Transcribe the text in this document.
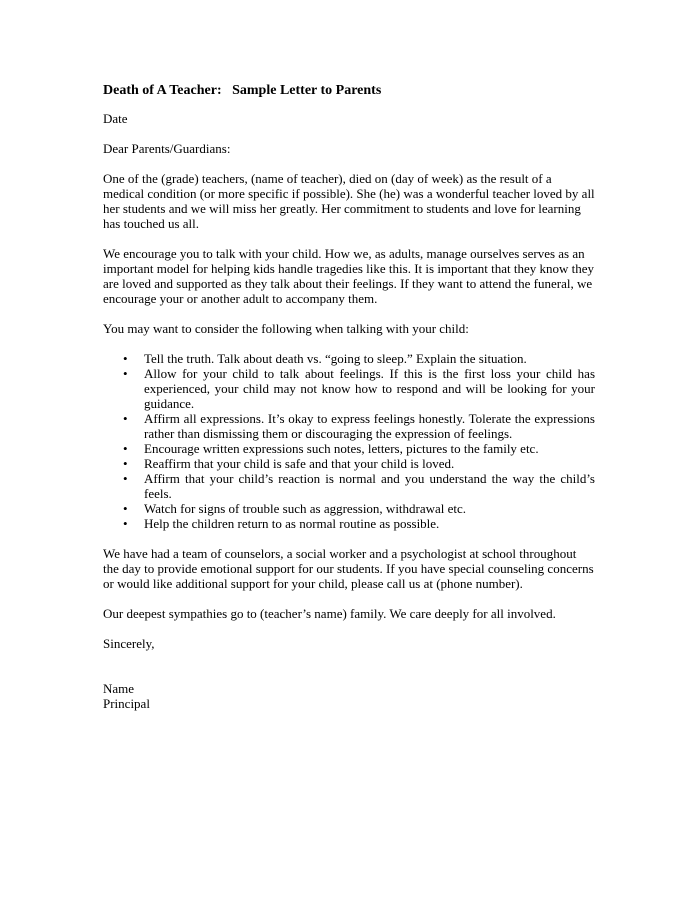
Death of A Teacher:   Sample Letter to Parents

Date

Dear Parents/Guardians:

One of the (grade) teachers, (name of teacher), died on (day of week) as the result of a medical condition (or more specific if possible). She (he) was a wonderful teacher loved by all her students and we will miss her greatly. Her commitment to students and love for learning has touched us all.

We encourage you to talk with your child. How we, as adults, manage ourselves serves as an important model for helping kids handle tragedies like this. It is important that they know they are loved and supported as they talk about their feelings. If they want to attend the funeral, we encourage your or another adult to accompany them.

You may want to consider the following when talking with your child:

• Tell the truth. Talk about death vs. “going to sleep.” Explain the situation.
• Allow for your child to talk about feelings. If this is the first loss your child has experienced, your child may not know how to respond and will be looking for your guidance.
• Affirm all expressions. It’s okay to express feelings honestly. Tolerate the expressions rather than dismissing them or discouraging the expression of feelings.
• Encourage written expressions such notes, letters, pictures to the family etc.
• Reaffirm that your child is safe and that your child is loved.
• Affirm that your child’s reaction is normal and you understand the way the child’s feels.
• Watch for signs of trouble such as aggression, withdrawal etc.
• Help the children return to as normal routine as possible.

We have had a team of counselors, a social worker and a psychologist at school throughout the day to provide emotional support for our students. If you have special counseling concerns or would like additional support for your child, please call us at (phone number).

Our deepest sympathies go to (teacher’s name) family. We care deeply for all involved.

Sincerely,

Name

Principal
